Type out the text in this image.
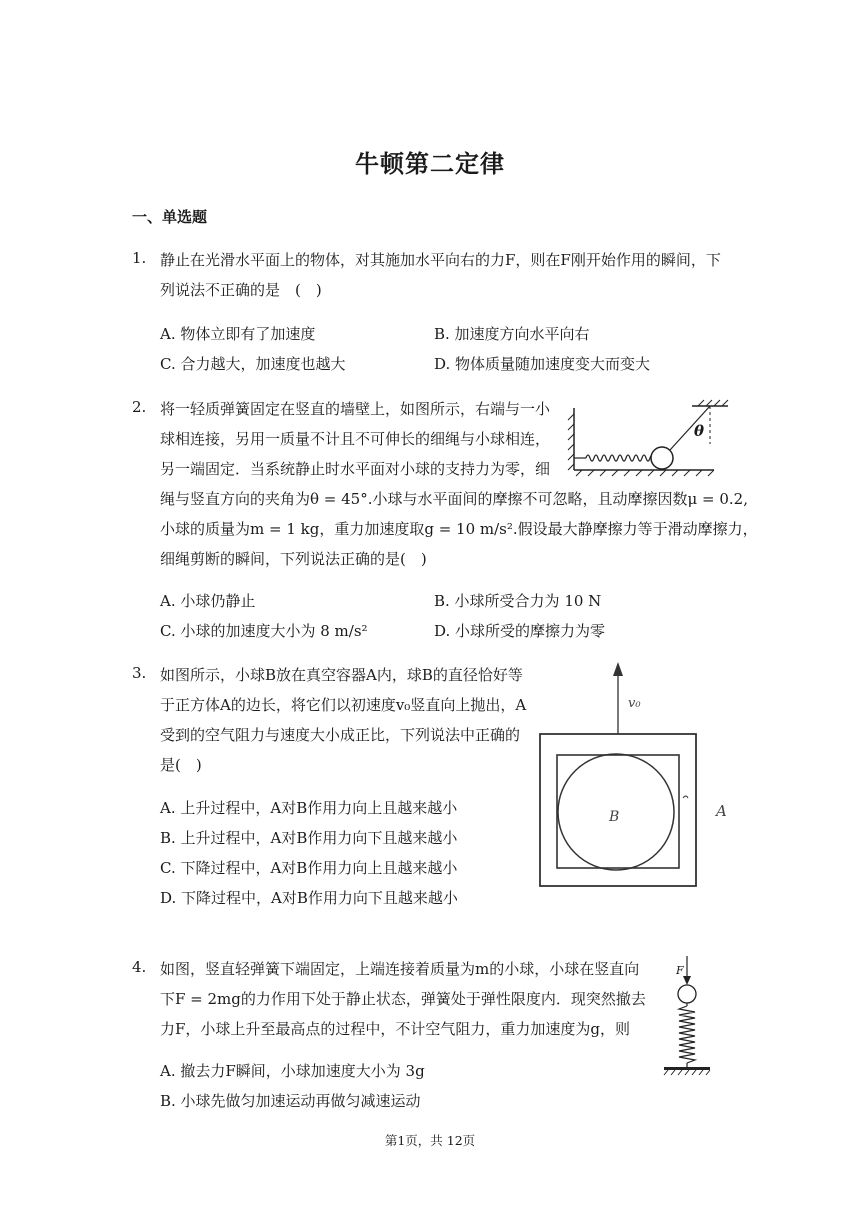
牛顿第二定律
一、单选题
1. 静止在光滑水平面上的物体，对其施加水平向右的力F，则在F刚开始作用的瞬间，下
列说法不正确的是　(　)
A. 物体立即有了加速度	B. 加速度方向水平向右
C. 合力越大，加速度也越大	D. 物体质量随加速度变大而变大
2. 将一轻质弹簧固定在竖直的墙壁上，如图所示，右端与一小
球相连接，另用一质量不计且不可伸长的细绳与小球相连，
另一端固定．当系统静止时水平面对小球的支持力为零，细
绳与竖直方向的夹角为θ = 45°.小球与水平面间的摩擦不可忽略，且动摩擦因数μ = 0.2,
小球的质量为m = 1 kg，重力加速度取g = 10 m/s².假设最大静摩擦力等于滑动摩擦力，
细绳剪断的瞬间，下列说法正确的是(　)
A. 小球仍静止	B. 小球所受合力为 10 N
C. 小球的加速度大小为 8 m/s²	D. 小球所受的摩擦力为零
θ
3. 如图所示，小球B放在真空容器A内，球B的直径恰好等
于正方体A的边长，将它们以初速度v₀竖直向上抛出，A
受到的空气阻力与速度大小成正比，下列说法中正确的
是(　)
A. 上升过程中，A对B作用力向上且越来越小
B. 上升过程中，A对B作用力向下且越来越小
C. 下降过程中，A对B作用力向上且越来越小
D. 下降过程中，A对B作用力向下且越来越小
v₀
B	A
4. 如图，竖直轻弹簧下端固定，上端连接着质量为m的小球，小球在竖直向
下F = 2mg的力作用下处于静止状态，弹簧处于弹性限度内．现突然撤去
力F，小球上升至最高点的过程中，不计空气阻力，重力加速度为g，则
A. 撤去力F瞬间，小球加速度大小为 3g
B. 小球先做匀加速运动再做匀减速运动
F
第1页，共 12页
